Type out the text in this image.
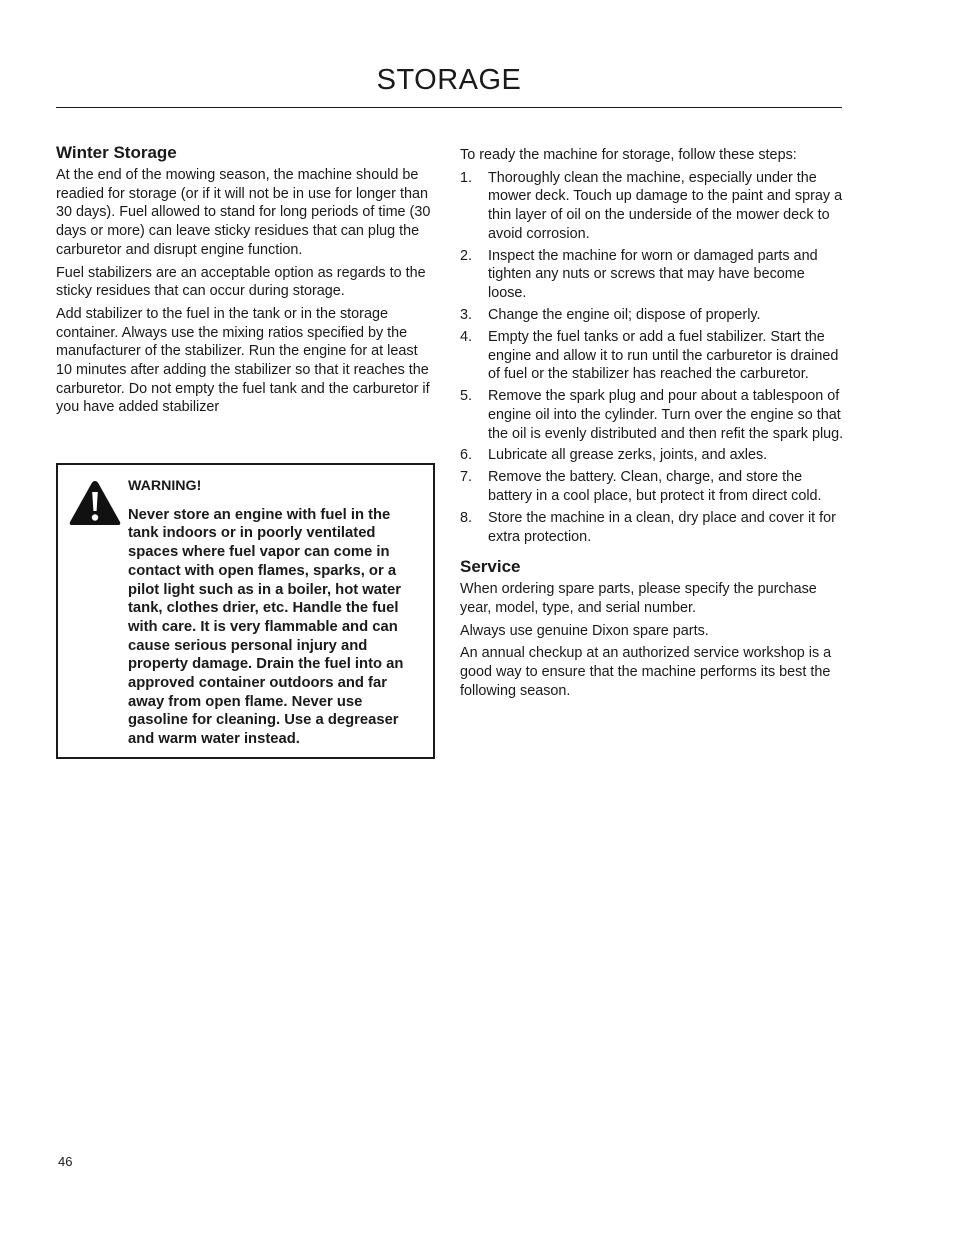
STORAGE
Winter Storage

At the end of the mowing season, the machine should be readied for storage (or if it will not be in use for longer than 30 days). Fuel allowed to stand for long periods of time (30 days or more) can leave sticky residues that can plug the carburetor and disrupt engine function.

Fuel stabilizers are an acceptable option as regards to the sticky residues that can occur during storage.

Add stabilizer to the fuel in the tank or in the storage container. Always use the mixing ratios specified by the manufacturer of the stabilizer. Run the engine for at least 10 minutes after adding the stabilizer so that it reaches the carburetor. Do not empty the fuel tank and the carburetor if you have added stabilizer

WARNING!

Never store an engine with fuel in the tank indoors or in poorly ventilated spaces where fuel vapor can come in contact with open flames, sparks, or a pilot light such as in a boiler, hot water tank, clothes drier, etc. Handle the fuel with care. It is very flammable and can cause serious personal injury and property damage. Drain the fuel into an approved container outdoors and far away from open flame. Never use gasoline for cleaning. Use a degreaser and warm water instead.

To ready the machine for storage, follow these steps:

1.	Thoroughly clean the machine, especially under the mower deck. Touch up damage to the paint and spray a thin layer of oil on the underside of the mower deck to avoid corrosion.
2.	Inspect the machine for worn or damaged parts and tighten any nuts or screws that may have become loose.
3.	Change the engine oil; dispose of properly.
4.	Empty the fuel tanks or add a fuel stabilizer. Start the engine and allow it to run until the carburetor is drained of fuel or the stabilizer has reached the carburetor.
5.	Remove the spark plug and pour about a tablespoon of engine oil into the cylinder. Turn over the engine so that the oil is evenly distributed and then refit the spark plug.
6.	Lubricate all grease zerks, joints, and axles.
7.	Remove the battery. Clean, charge, and store the battery in a cool place, but protect it from direct cold.
8.	Store the machine in a clean, dry place and cover it for extra protection.
Service

When ordering spare parts, please specify the purchase year, model, type, and serial number.

Always use genuine Dixon spare parts.

An annual checkup at an authorized service workshop is a good way to ensure that the machine performs its best the following season.

46
